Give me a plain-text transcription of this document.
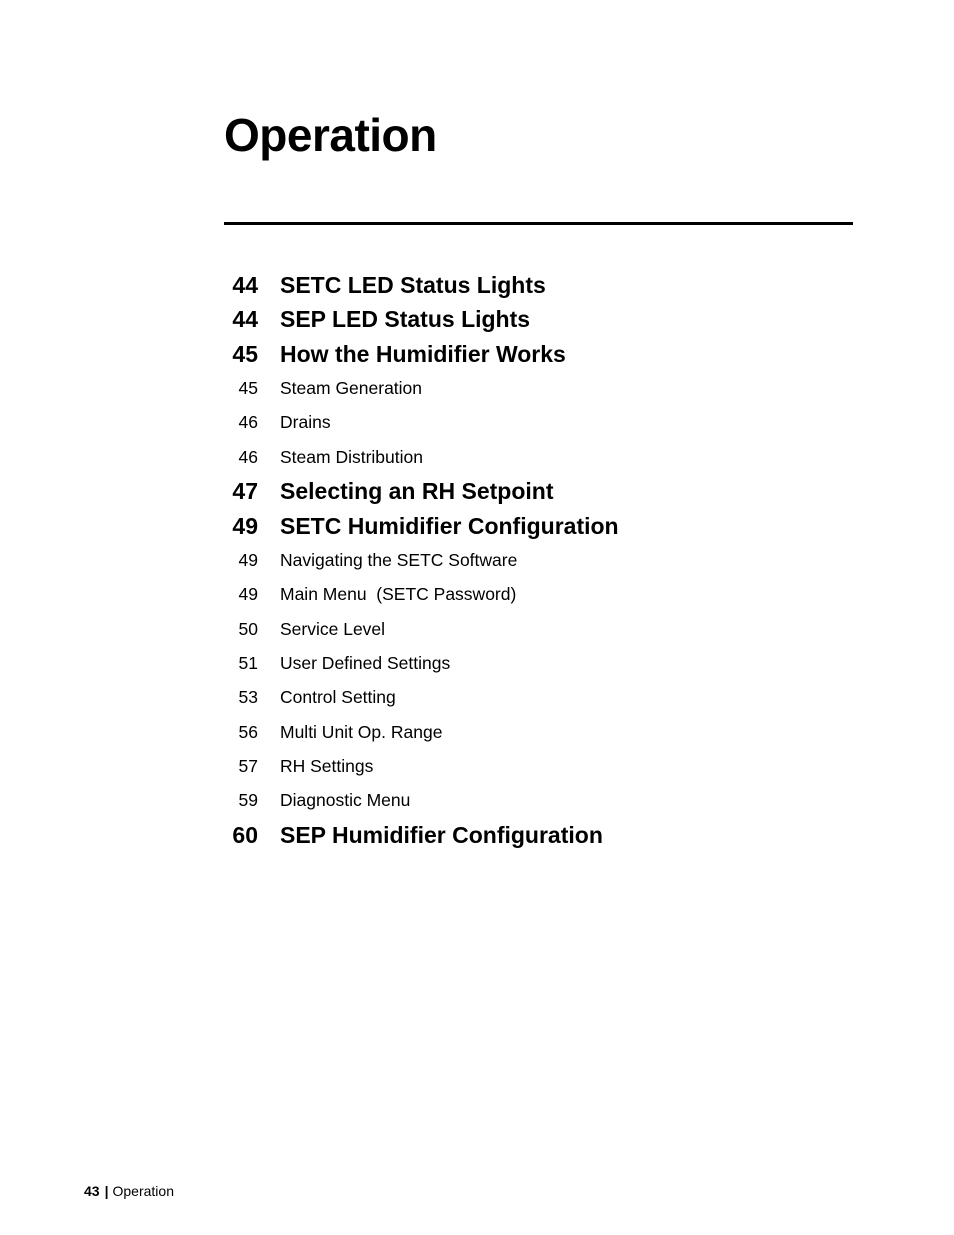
Operation
44 SETC LED Status Lights
44 SEP LED Status Lights
45 How the Humidifier Works
45 Steam Generation
46 Drains
46 Steam Distribution
47 Selecting an RH Setpoint
49 SETC Humidifier Configuration
49 Navigating the SETC Software
49 Main Menu  (SETC Password)
50 Service Level
51 User Defined Settings
53 Control Setting
56 Multi Unit Op. Range
57 RH Settings
59 Diagnostic Menu
60 SEP Humidifier Configuration
43 | Operation
